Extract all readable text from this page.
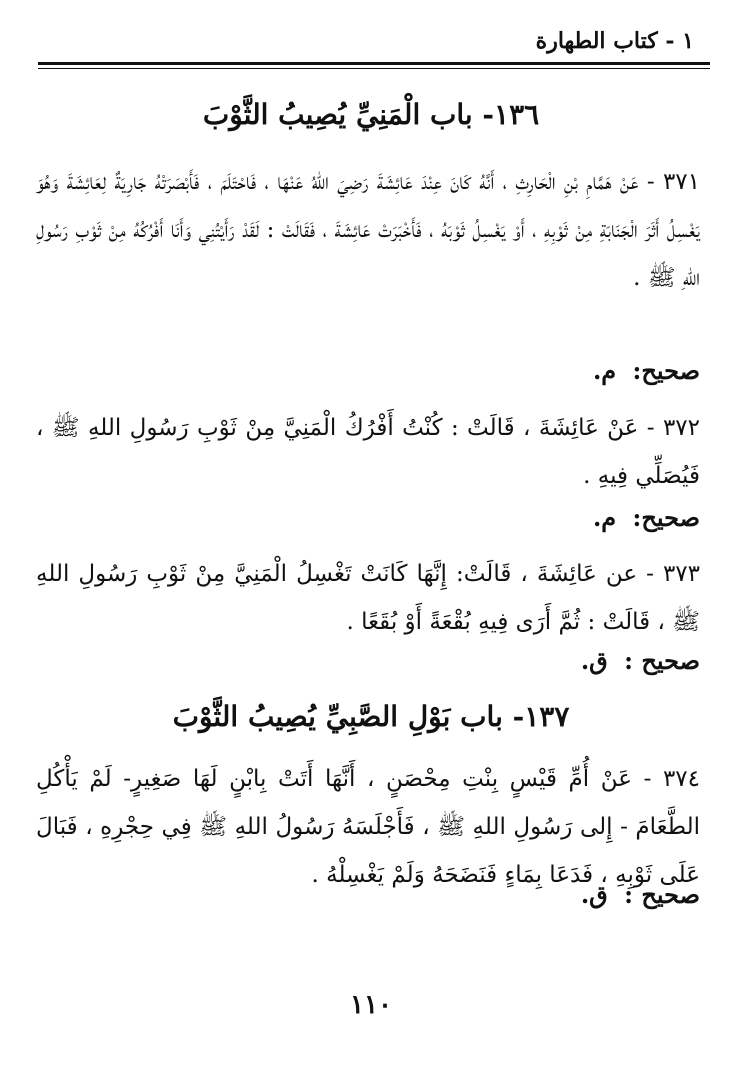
١ - كتاب الطهارة
١٣٦- باب الْمَنِيِّ يُصِيبُ الثَّوْبَ
٣٧١ - عَنْ هَمَّامِ بْنِ الْحَارِثِ ، أَنَّهُ كَانَ عِنْدَ عَائِشَةَ رَضِيَ اللهُ عَنْهَا ، فَاحْتَلَمَ ، فَأَبْصَرَتْهُ جَارِيَةٌ لِعَائِشَةَ وَهُوَ يَغْسِلُ أَثَرَ الْجَنَابَةِ مِنْ ثَوْبِهِ ، أَوْ يَغْسِلُ ثَوْبَهُ ، فَأَخْبَرَتْ عَائِشَةَ ، فَقَالَتْ : لَقَدْ رَأَيْتُنِي وَأَنَا أَفْرُكُهُ مِنْ ثَوْبِ رَسُولِ اللهِ ﷺ .
صحيح: م.
٣٧٢ - عَنْ عَائِشَةَ ، قَالَتْ : كُنْتُ أَفْرُكُ الْمَنِيَّ مِنْ ثَوْبِ رَسُولِ اللهِ ﷺ ، فَيُصَلِّي فِيهِ .
صحيح: م.
٣٧٣ - عن عَائِشَةَ ، قَالَتْ: إِنَّهَا كَانَتْ تَغْسِلُ الْمَنِيَّ مِنْ ثَوْبِ رَسُولِ اللهِ ﷺ ، قَالَتْ : ثُمَّ أَرَى فِيهِ بُقْعَةً أَوْ بُقَعًا .
صحيح : ق.
١٣٧- باب بَوْلِ الصَّبِيِّ يُصِيبُ الثَّوْبَ
٣٧٤ - عَنْ أُمِّ قَيْسٍ بِنْتِ مِحْصَنٍ ، أَنَّهَا أَتَتْ بِابْنٍ لَهَا صَغِيرٍ- لَمْ يَأْكُلِ الطَّعَامَ - إِلى رَسُولِ اللهِ ﷺ ، فَأَجْلَسَهُ رَسُولُ اللهِ ﷺ فِي حِجْرِهِ ، فَبَالَ عَلَى ثَوْبِهِ ، فَدَعَا بِمَاءٍ فَنَضَحَهُ وَلَمْ يَغْسِلْهُ .
صحيح : ق.
١١٠
